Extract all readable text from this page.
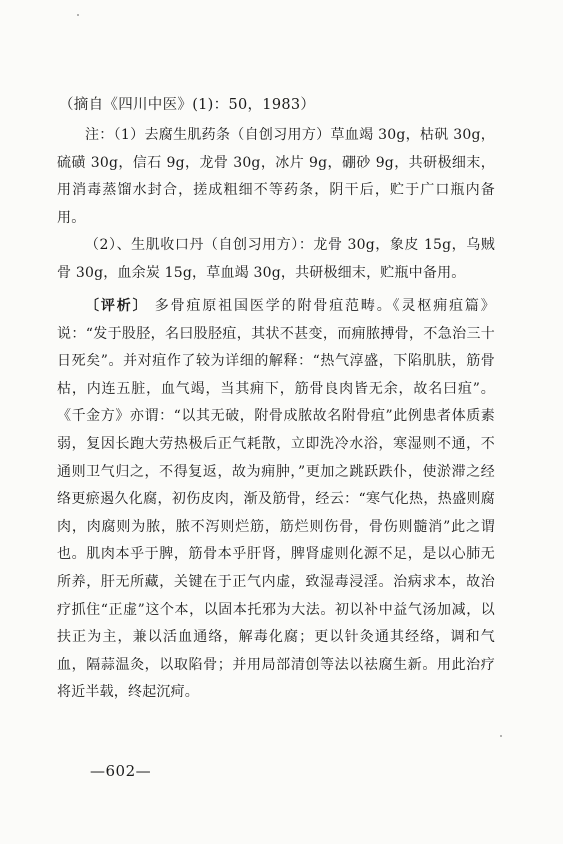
（摘自《四川中医》(1)：50，1983）

注：（1）去腐生肌药条（自创习用方）草血竭 30g，枯矾 30g，硫磺 30g，信石 9g，龙骨 30g，冰片 9g，硼砂 9g，共研极细末，用消毒蒸馏水封合，搓成粗细不等药条，阴干后，贮于广口瓶内备用。

（2）、生肌收口丹（自创习用方）：龙骨 30g，象皮 15g，乌贼骨 30g，血余炭 15g，草血竭 30g，共研极细末，贮瓶中备用。

〔评析〕 多骨疽原祖国医学的附骨疽范畴。《灵枢痈疽篇》说：“发于股胫，名曰股胫疽，其状不甚变，而痈脓搏骨，不急治三十日死矣”。并对疽作了较为详细的解释：“热气淳盛，下陷肌肤，筋骨枯，内连五脏，血气竭，当其痈下，筋骨良肉皆无余，故名曰疽”。《千金方》亦谓：“以其无破，附骨成脓故名附骨疽”此例患者体质素弱，复因长跑大劳热极后正气耗散，立即洗冷水浴，寒湿则不通，不通则卫气归之，不得复返，故为痈肿，”更加之跳跃跌仆，使淤滞之经络更瘀遏久化腐，初伤皮肉，渐及筋骨，经云：“寒气化热，热盛则腐肉，肉腐则为脓，脓不泻则烂筋，筋烂则伤骨，骨伤则髓消”此之谓也。肌肉本乎于脾，筋骨本乎肝肾，脾肾虚则化源不足，是以心肺无所养，肝无所藏，关键在于正气内虚，致湿毒浸淫。治病求本，故治疗抓住“正虚”这个本，以固本托邪为大法。初以补中益气汤加减，以扶正为主，兼以活血通络，解毒化腐；更以针灸通其经络，调和气血，隔蒜温灸，以取陷骨；并用局部清创等法以祛腐生新。用此治疗将近半载，终起沉疴。

—602—
